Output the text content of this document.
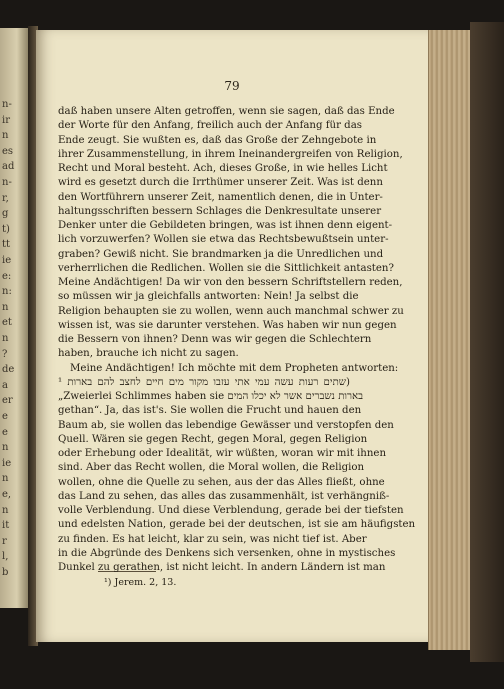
n-
ir
n
es
ad
n-
r,
g
t)
tt
ie
e:
n:
n
et
n
?
de
a
er
e
e
n
ie
n
e,
n
it
r
l,
b
79
¹) Jerem. 2, 13.
daß haben unsere Alten getroffen, wenn sie sagen, daß das Ende
der Worte für den Anfang, freilich auch der Anfang für das
Ende zeugt. Sie wußten es, daß das Große der Zehngebote in
ihrer Zusammenstellung, in ihrem Ineinandergreifen von Religion,
Recht und Moral besteht. Ach, dieses Große, in wie helles Licht
wird es gesetzt durch die Irrthümer unserer Zeit. Was ist denn
den Wortführern unserer Zeit, namentlich denen, die in Unter-
haltungsschriften bessern Schlages die Denkresultate unserer
Denker unter die Gebildeten bringen, was ist ihnen denn eigent-
lich vorzuwerfen? Wollen sie etwa das Rechtsbewußtsein unter-
graben? Gewiß nicht. Sie brandmarken ja die Unredlichen und
verherrlichen die Redlichen. Wollen sie die Sittlichkeit antasten?
Meine Andächtigen! Da wir von den bessern Schriftstellern reden,
so müssen wir ja gleichfalls antworten: Nein! Ja selbst die
Religion behaupten sie zu wollen, wenn auch manchmal schwer zu
wissen ist, was sie darunter verstehen. Was haben wir nun gegen
die Bessern von ihnen? Denn was wir gegen die Schlechtern
haben, brauche ich nicht zu sagen.
Meine Andächtigen! Ich möchte mit dem Propheten antworten:
שתים רעות עשה עמי אתי עזבו מקור מים חיים לחצב להם בארות ¹)
„Zweierlei Schlimmes haben sie בארות נשברים אשר לא יכלו המים
gethan“. Ja, das ist's. Sie wollen die Frucht und hauen den
Baum ab, sie wollen das lebendige Gewässer und verstopfen den
Quell. Wären sie gegen Recht, gegen Moral, gegen Religion
oder Erhebung oder Idealität, wir wüßten, woran wir mit ihnen
sind. Aber das Recht wollen, die Moral wollen, die Religion
wollen, ohne die Quelle zu sehen, aus der das Alles fließt, ohne
das Land zu sehen, das alles das zusammenhält, ist verhängniß-
volle Verblendung. Und diese Verblendung, gerade bei der tiefsten
und edelsten Nation, gerade bei der deutschen, ist sie am häufigsten
zu finden. Es hat leicht, klar zu sein, was nicht tief ist. Aber
in die Abgründe des Denkens sich versenken, ohne in mystisches
Dunkel zu gerathen, ist nicht leicht. In andern Ländern ist man
